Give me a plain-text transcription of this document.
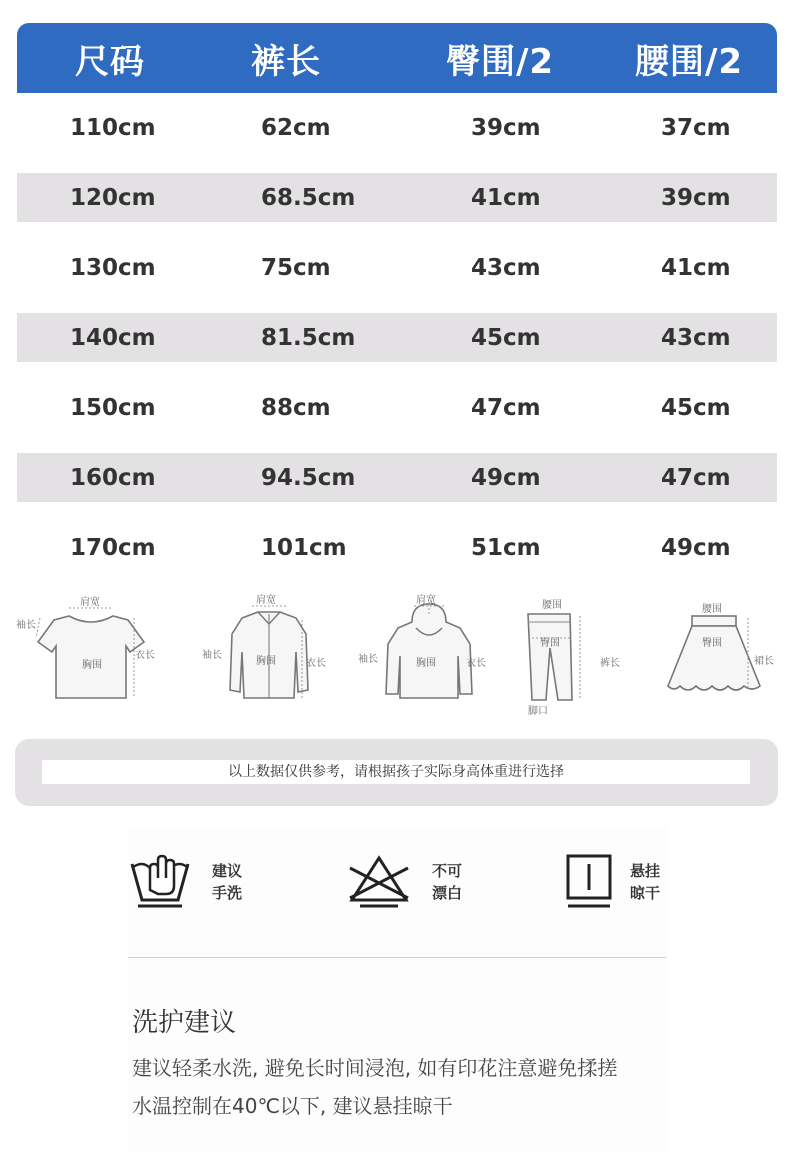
尺码	裤长	臀围/2 腰围/2
110cm	62cm	39cm	37cm
120cm	68.5cm	41cm	39cm
130cm	75cm	43cm	41cm
140cm	81.5cm	45cm	43cm
150cm	88cm	47cm	45cm
160cm	94.5cm	49cm	47cm
170cm	101cm	51cm	49cm
肩宽
袖长
胸围
衣长
肩宽
袖长
胸围	衣长
肩宽
袖长	胸围	衣长
腰围
臀围
裤长
脚口
腰围
臀围
裙长
以上数据仅供参考，请根据孩子实际身高体重进行选择
建议
手洗
不可
漂白
悬挂
晾干
洗护建议
建议轻柔水洗, 避免长时间浸泡, 如有印花注意避免揉搓
水温控制在40℃以下, 建议悬挂晾干
